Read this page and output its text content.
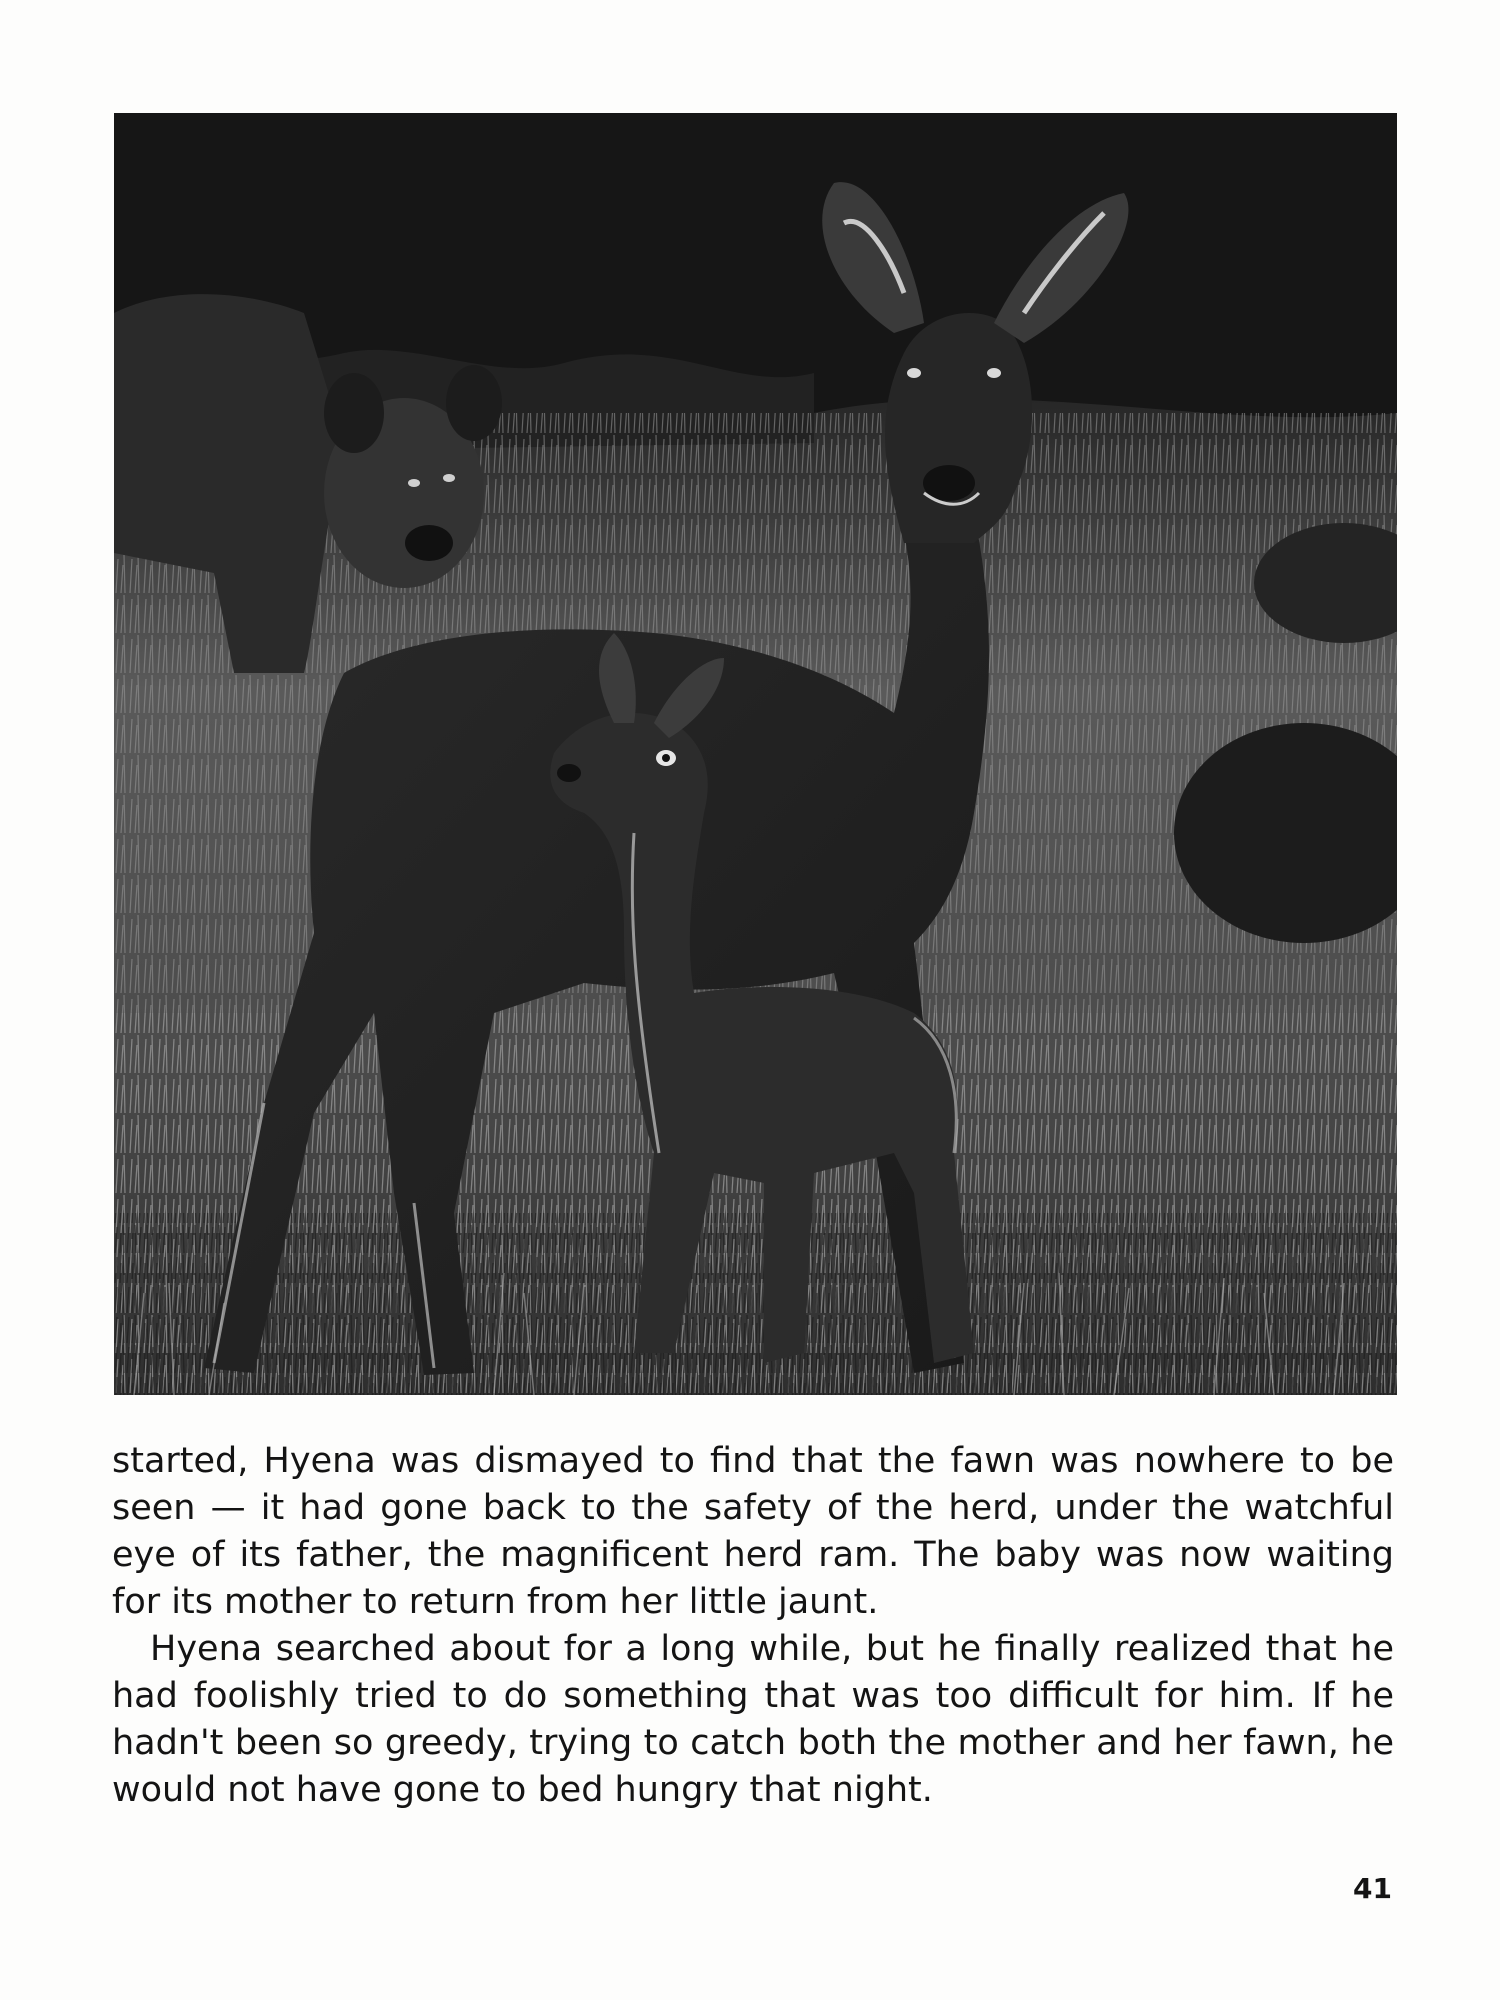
started, Hyena was dismayed to find that the fawn was nowhere to be seen — it had gone back to the safety of the herd, under the watchful eye of its father, the magnificent herd ram. The baby was now waiting for its mother to return from her little jaunt.

Hyena searched about for a long while, but he finally realized that he had foolishly tried to do something that was too difficult for him. If he hadn't been so greedy, trying to catch both the mother and her fawn, he would not have gone to bed hungry that night.

41
